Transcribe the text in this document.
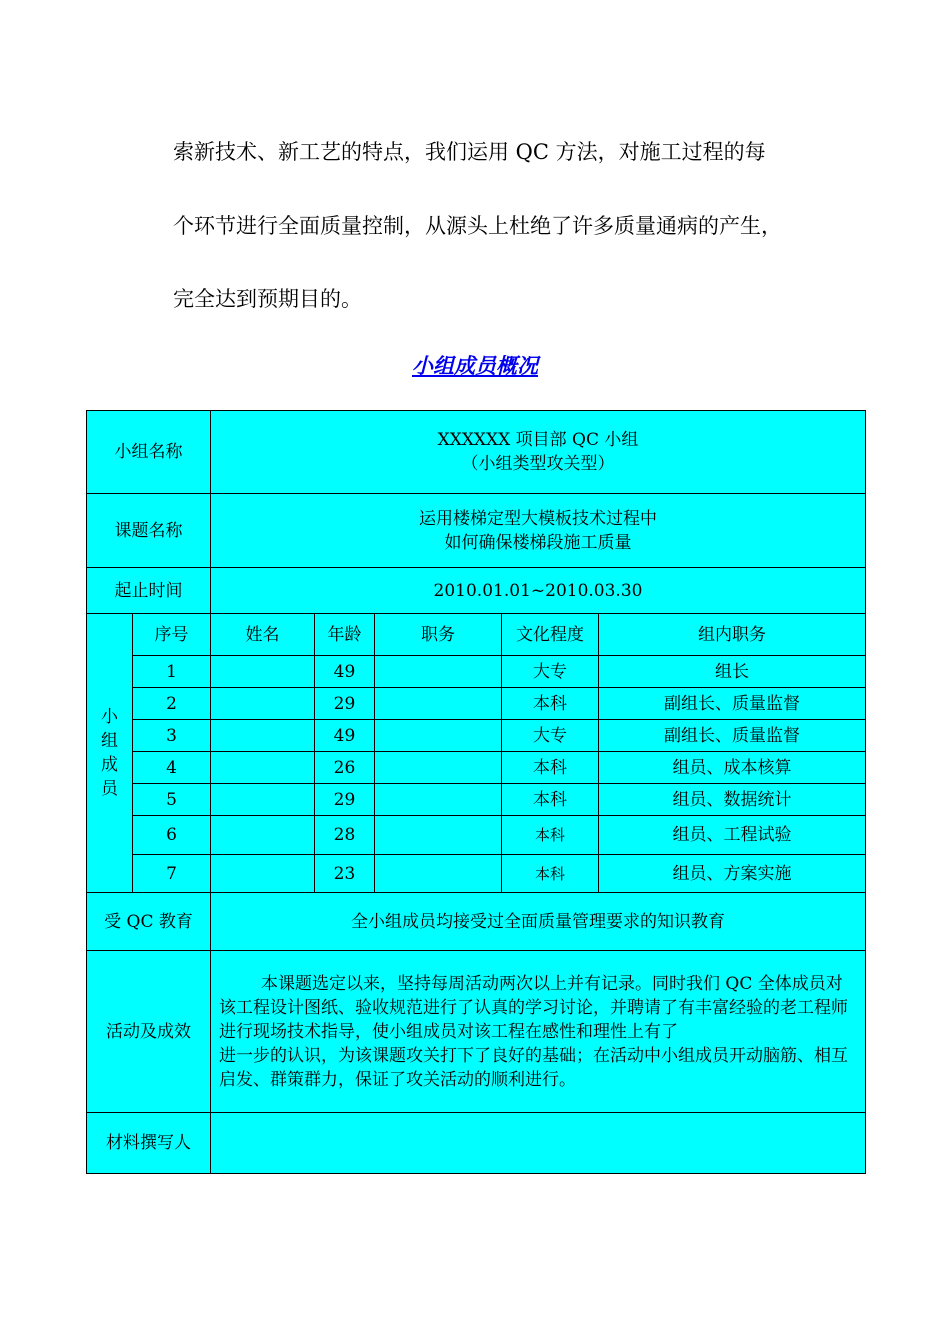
索新技术、新工艺的特点，我们运用 QC 方法，对施工过程的每
个环节进行全面质量控制，从源头上杜绝了许多质量通病的产生，
完全达到预期目的。
小组成员概况
小组名称		XXXXXX 项目部 QC 小组
（小组类型攻关型）				

课题名称		运用楼梯定型大模板技术过程中
如何确保楼梯段施工质量				

起止时间		2010.01.01~2010.03.30				

小
组
成
员	序号	姓名	年龄	职务	文化程度	组内职务
	1		49		大专	组长
	2		29		本科	副组长、质量监督
	3		49		大专	副组长、质量监督
	4		26		本科	组员、成本核算
	5		29		本科	组员、数据统计
	6		28		本科	组员、工程试验
	7		23		本科	组员、方案实施
受 QC 教育		全小组成员均接受过全面质量管理要求的知识教育				
活动及成效		本课题选定以来，坚持每周活动两次以上并有记录。同时我们 QC 全体成员对该工程设计图纸、验收规范进行了认真的学习讨论，并聘请了有丰富经验的老工程师进行现场技术指导，使小组成员对该工程在感性和理性上有了
进一步的认识，为该课题攻关打下了良好的基础；在活动中小组成员开动脑筋、相互启发、群策群力，保证了攻关活动的顺利进行。				
材料撰写人						
